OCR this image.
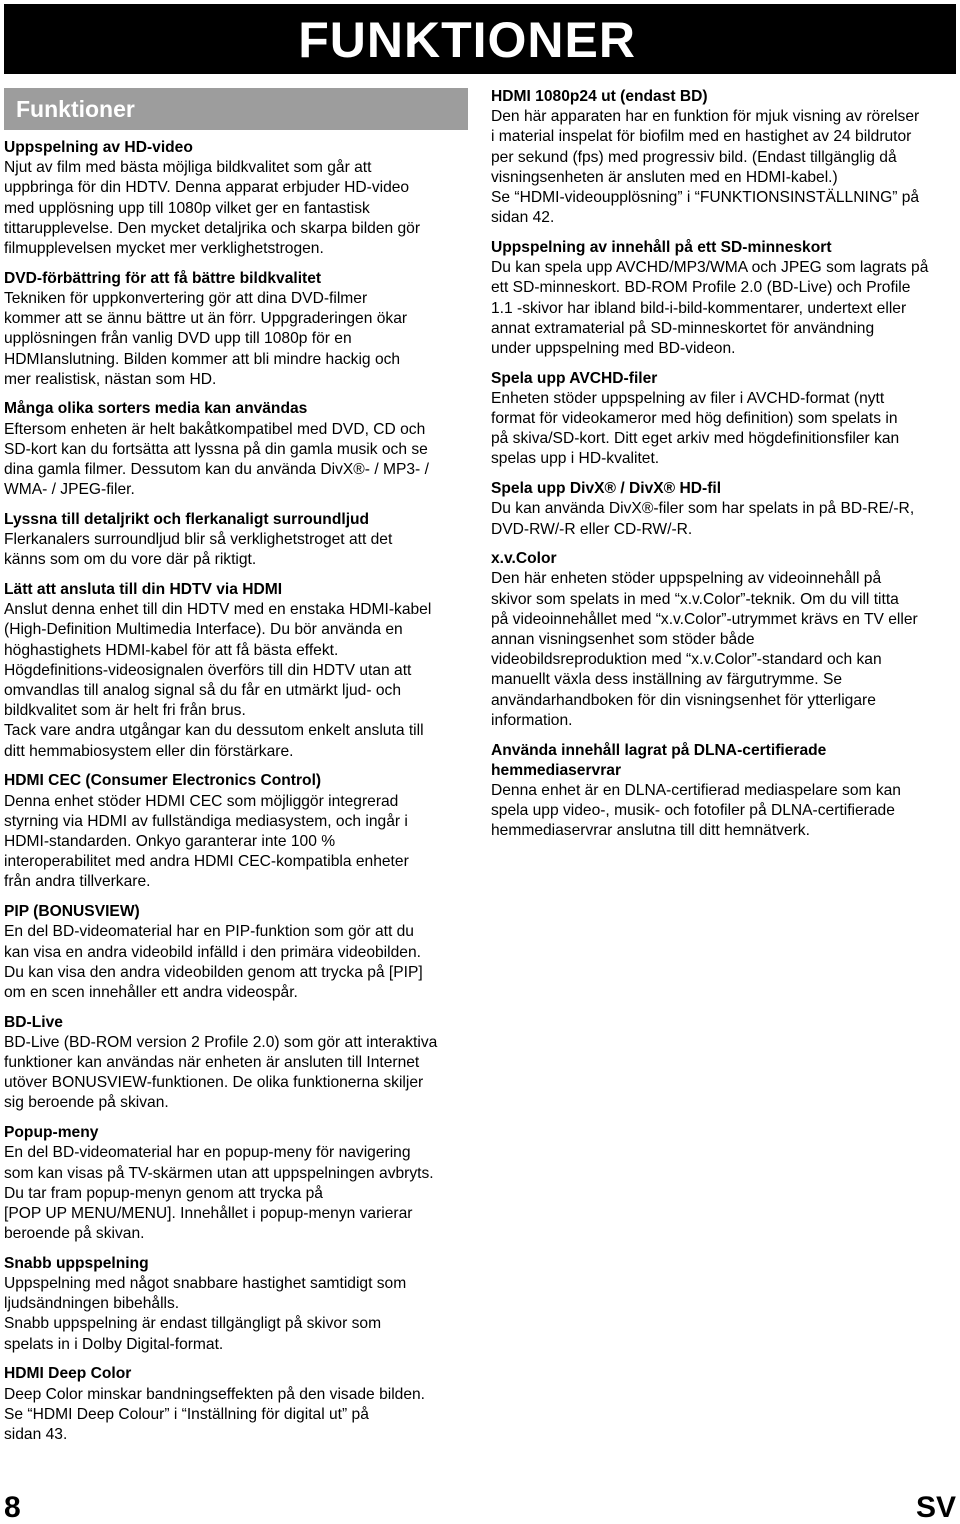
FUNKTIONER
Funktioner
Uppspelning av HD-video
Njut av film med bästa möjliga bildkvalitet som går att
uppbringa för din HDTV. Denna apparat erbjuder HD-video
med upplösning upp till 1080p vilket ger en fantastisk
tittarupplevelse. Den mycket detaljrika och skarpa bilden gör
filmupplevelsen mycket mer verklighetstrogen.
DVD-förbättring för att få bättre bildkvalitet
Tekniken för uppkonvertering gör att dina DVD-filmer
kommer att se ännu bättre ut än förr. Uppgraderingen ökar
upplösningen från vanlig DVD upp till 1080p för en
HDMIanslutning. Bilden kommer att bli mindre hackig och
mer realistisk, nästan som HD.
Många olika sorters media kan användas
Eftersom enheten är helt bakåtkompatibel med DVD, CD och
SD-kort kan du fortsätta att lyssna på din gamla musik och se
dina gamla filmer. Dessutom kan du använda DivX®- / MP3- /
WMA- / JPEG-filer.
Lyssna till detaljrikt och flerkanaligt surroundljud
Flerkanalers surroundljud blir så verklighetstroget att det
känns som om du vore där på riktigt.
Lätt att ansluta till din HDTV via HDMI
Anslut denna enhet till din HDTV med en enstaka HDMI-kabel
(High-Definition Multimedia Interface). Du bör använda en
höghastighets HDMI-kabel för att få bästa effekt.
Högdefinitions-videosignalen överförs till din HDTV utan att
omvandlas till analog signal så du får en utmärkt ljud- och
bildkvalitet som är helt fri från brus.
Tack vare andra utgångar kan du dessutom enkelt ansluta till
ditt hemmabiosystem eller din förstärkare.
HDMI CEC (Consumer Electronics Control)
Denna enhet stöder HDMI CEC som möjliggör integrerad
styrning via HDMI av fullständiga mediasystem, och ingår i
HDMI-standarden. Onkyo garanterar inte 100 %
interoperabilitet med andra HDMI CEC-kompatibla enheter
från andra tillverkare.
PIP (BONUSVIEW)
En del BD-videomaterial har en PIP-funktion som gör att du
kan visa en andra videobild infälld i den primära videobilden.
Du kan visa den andra videobilden genom att trycka på [PIP]
om en scen innehåller ett andra videospår.
BD-Live
BD-Live (BD-ROM version 2 Profile 2.0) som gör att interaktiva
funktioner kan användas när enheten är ansluten till Internet
utöver BONUSVIEW-funktionen. De olika funktionerna skiljer
sig beroende på skivan.
Popup-meny
En del BD-videomaterial har en popup-meny för navigering
som kan visas på TV-skärmen utan att uppspelningen avbryts.
Du tar fram popup-menyn genom att trycka på
[POP UP MENU/MENU]. Innehållet i popup-menyn varierar
beroende på skivan.
Snabb uppspelning
Uppspelning med något snabbare hastighet samtidigt som
ljudsändningen bibehålls.
Snabb uppspelning är endast tillgängligt på skivor som
spelats in i Dolby Digital-format.
HDMI Deep Color
Deep Color minskar bandningseffekten på den visade bilden.
Se “HDMI Deep Colour” i “Inställning för digital ut” på
sidan 43.
HDMI 1080p24 ut (endast BD)
Den här apparaten har en funktion för mjuk visning av rörelser
i material inspelat för biofilm med en hastighet av 24 bildrutor
per sekund (fps) med progressiv bild. (Endast tillgänglig då
visningsenheten är ansluten med en HDMI-kabel.)
Se “HDMI-videoupplösning” i “FUNKTIONSINSTÄLLNING” på
sidan 42.
Uppspelning av innehåll på ett SD-minneskort
Du kan spela upp AVCHD/MP3/WMA och JPEG som lagrats på
ett SD-minneskort. BD-ROM Profile 2.0 (BD-Live) och Profile
1.1 -skivor har ibland bild-i-bild-kommentarer, undertext eller
annat extramaterial på SD-minneskortet för användning
under uppspelning med BD-videon.
Spela upp AVCHD-filer
Enheten stöder uppspelning av filer i AVCHD-format (nytt
format för videokameror med hög definition) som spelats in
på skiva/SD-kort. Ditt eget arkiv med högdefinitionsfiler kan
spelas upp i HD-kvalitet.
Spela upp DivX® / DivX® HD-fil
Du kan använda DivX®-filer som har spelats in på BD-RE/-R,
DVD-RW/-R eller CD-RW/-R.
x.v.Color
Den här enheten stöder uppspelning av videoinnehåll på
skivor som spelats in med “x.v.Color”-teknik. Om du vill titta
på videoinnehållet med “x.v.Color”-utrymmet krävs en TV eller
annan visningsenhet som stöder både
videobildsreproduktion med “x.v.Color”-standard och kan
manuellt växla dess inställning av färgutrymme. Se
användarhandboken för din visningsenhet för ytterligare
information.
Använda innehåll lagrat på DLNA-certifierade
hemmediaservrar
Denna enhet är en DLNA-certifierad mediaspelare som kan
spela upp video-, musik- och fotofiler på DLNA-certifierade
hemmediaservrar anslutna till ditt hemnätverk.
8	SV
